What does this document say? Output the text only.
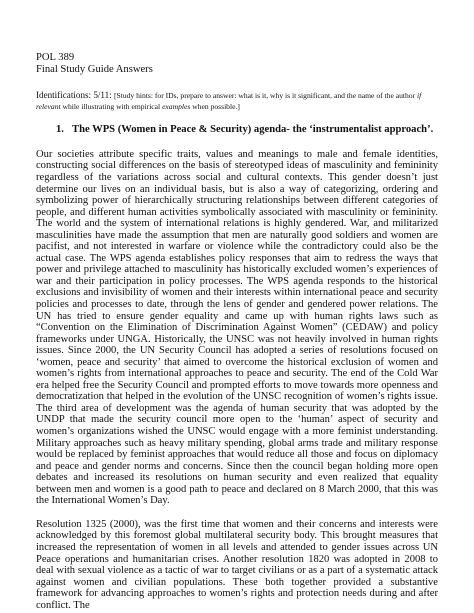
POL 389
Final Study Guide Answers
Identifications: 5/11: [Study hints: for IDs, prepare to answer: what is it, why is it significant, and the name of the author if relevant while illustrating with empirical examples when possible.]
1. The WPS (Women in Peace & Security) agenda- the ‘instrumentalist approach’.
Our societies attribute specific traits, values and meanings to male and female identities, constructing social differences on the basis of stereotyped ideas of masculinity and femininity regardless of the variations across social and cultural contexts. This gender doesn’t just determine our lives on an individual basis, but is also a way of categorizing, ordering and symbolizing power of hierarchically structuring relationships between different categories of people, and different human activities symbolically associated with masculinity or femininity. The world and the system of international relations is highly gendered. War, and militarized masculinities have made the assumption that men are naturally good soldiers and women are pacifist, and not interested in warfare or violence while the contradictory could also be the actual case. The WPS agenda establishes policy responses that aim to redress the ways that power and privilege attached to masculinity has historically excluded women’s experiences of war and their participation in policy processes. The WPS agenda responds to the historical exclusions and invisibility of women and their interests within international peace and security policies and processes to date, through the lens of gender and gendered power relations. The UN has tried to ensure gender equality and came up with human rights laws such as “Convention on the Elimination of Discrimination Against Women” (CEDAW) and policy frameworks under UNGA. Historically, the UNSC was not heavily involved in human rights issues. Since 2000, the UN Security Council has adopted a series of resolutions focused on ‘women, peace and security’ that aimed to overcome the historical exclusion of women and women’s rights from international approaches to peace and security. The end of the Cold War era helped free the Security Council and prompted efforts to move towards more openness and democratization that helped in the evolution of the UNSC recognition of women’s rights issue. The third area of development was the agenda of human security that was adopted by the UNDP that made the security council more open to the ‘human’ aspect of security and women’s organizations wished the UNSC would engage with a more feminist understanding. Military approaches such as heavy military spending, global arms trade and military response would be replaced by feminist approaches that would reduce all those and focus on diplomacy and peace and gender norms and concerns. Since then the council began holding more open debates and increased its resolutions on human security and even realized that equality between men and women is a good path to peace and declared on 8 March 2000, that this was the International Women’s Day.
Resolution 1325 (2000), was the first time that women and their concerns and interests were acknowledged by this foremost global multilateral security body. This brought measures that increased the representation of women in all levels and attended to gender issues across UN Peace operations and humanitarian crises. Another resolution 1820 was adopted in 2008 to deal with sexual violence as a tactic of war to target civilians or as a part of a systematic attack against women and civilian populations. These both together provided a substantive framework for advancing approaches to women’s rights and protection needs during and after conflict. The
